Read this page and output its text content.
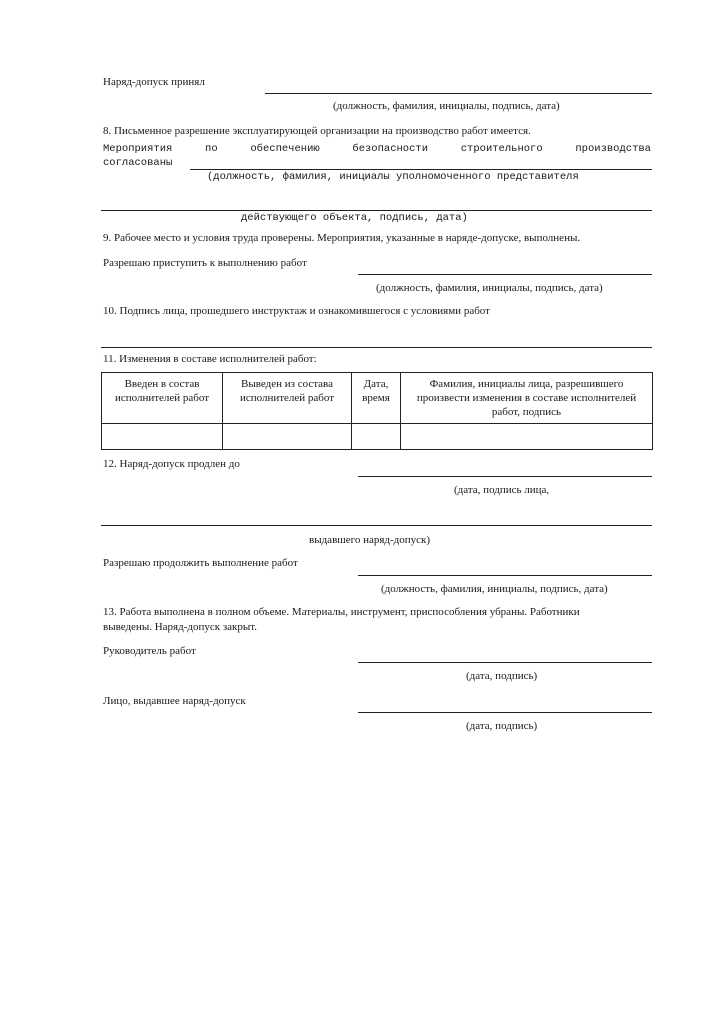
Наряд-допуск принял
(должность, фамилия, инициалы, подпись, дата)
8. Письменное разрешение эксплуатирующей организации на производство работ имеется.
Мероприятия	по	обеспечению	безопасности	строительного	производства
согласованы
(должность, фамилия, инициалы уполномоченного представителя
действующего объекта, подпись, дата)
9. Рабочее место и условия труда проверены. Мероприятия, указанные в наряде-допуске, выполнены.
Разрешаю приступить к выполнению работ
(должность, фамилия, инициалы, подпись, дата)
10. Подпись лица, прошедшего инструктаж и ознакомившегося с условиями работ
11. Изменения в составе исполнителей работ:
Введен в состав исполнителей работ	Выведен из состава исполнителей работ	Дата, время	Фамилия, инициалы лица, разрешившего произвести изменения в составе исполнителей работ, подпись

12. Наряд-допуск продлен до
(дата, подпись лица,
выдавшего наряд-допуск)
Разрешаю продолжить выполнение работ
(должность, фамилия, инициалы, подпись, дата)
13. Работа выполнена в полном объеме. Материалы, инструмент, приспособления убраны. Работники
выведены. Наряд-допуск закрыт.
Руководитель работ
(дата, подпись)
Лицо, выдавшее наряд-допуск
(дата, подпись)
